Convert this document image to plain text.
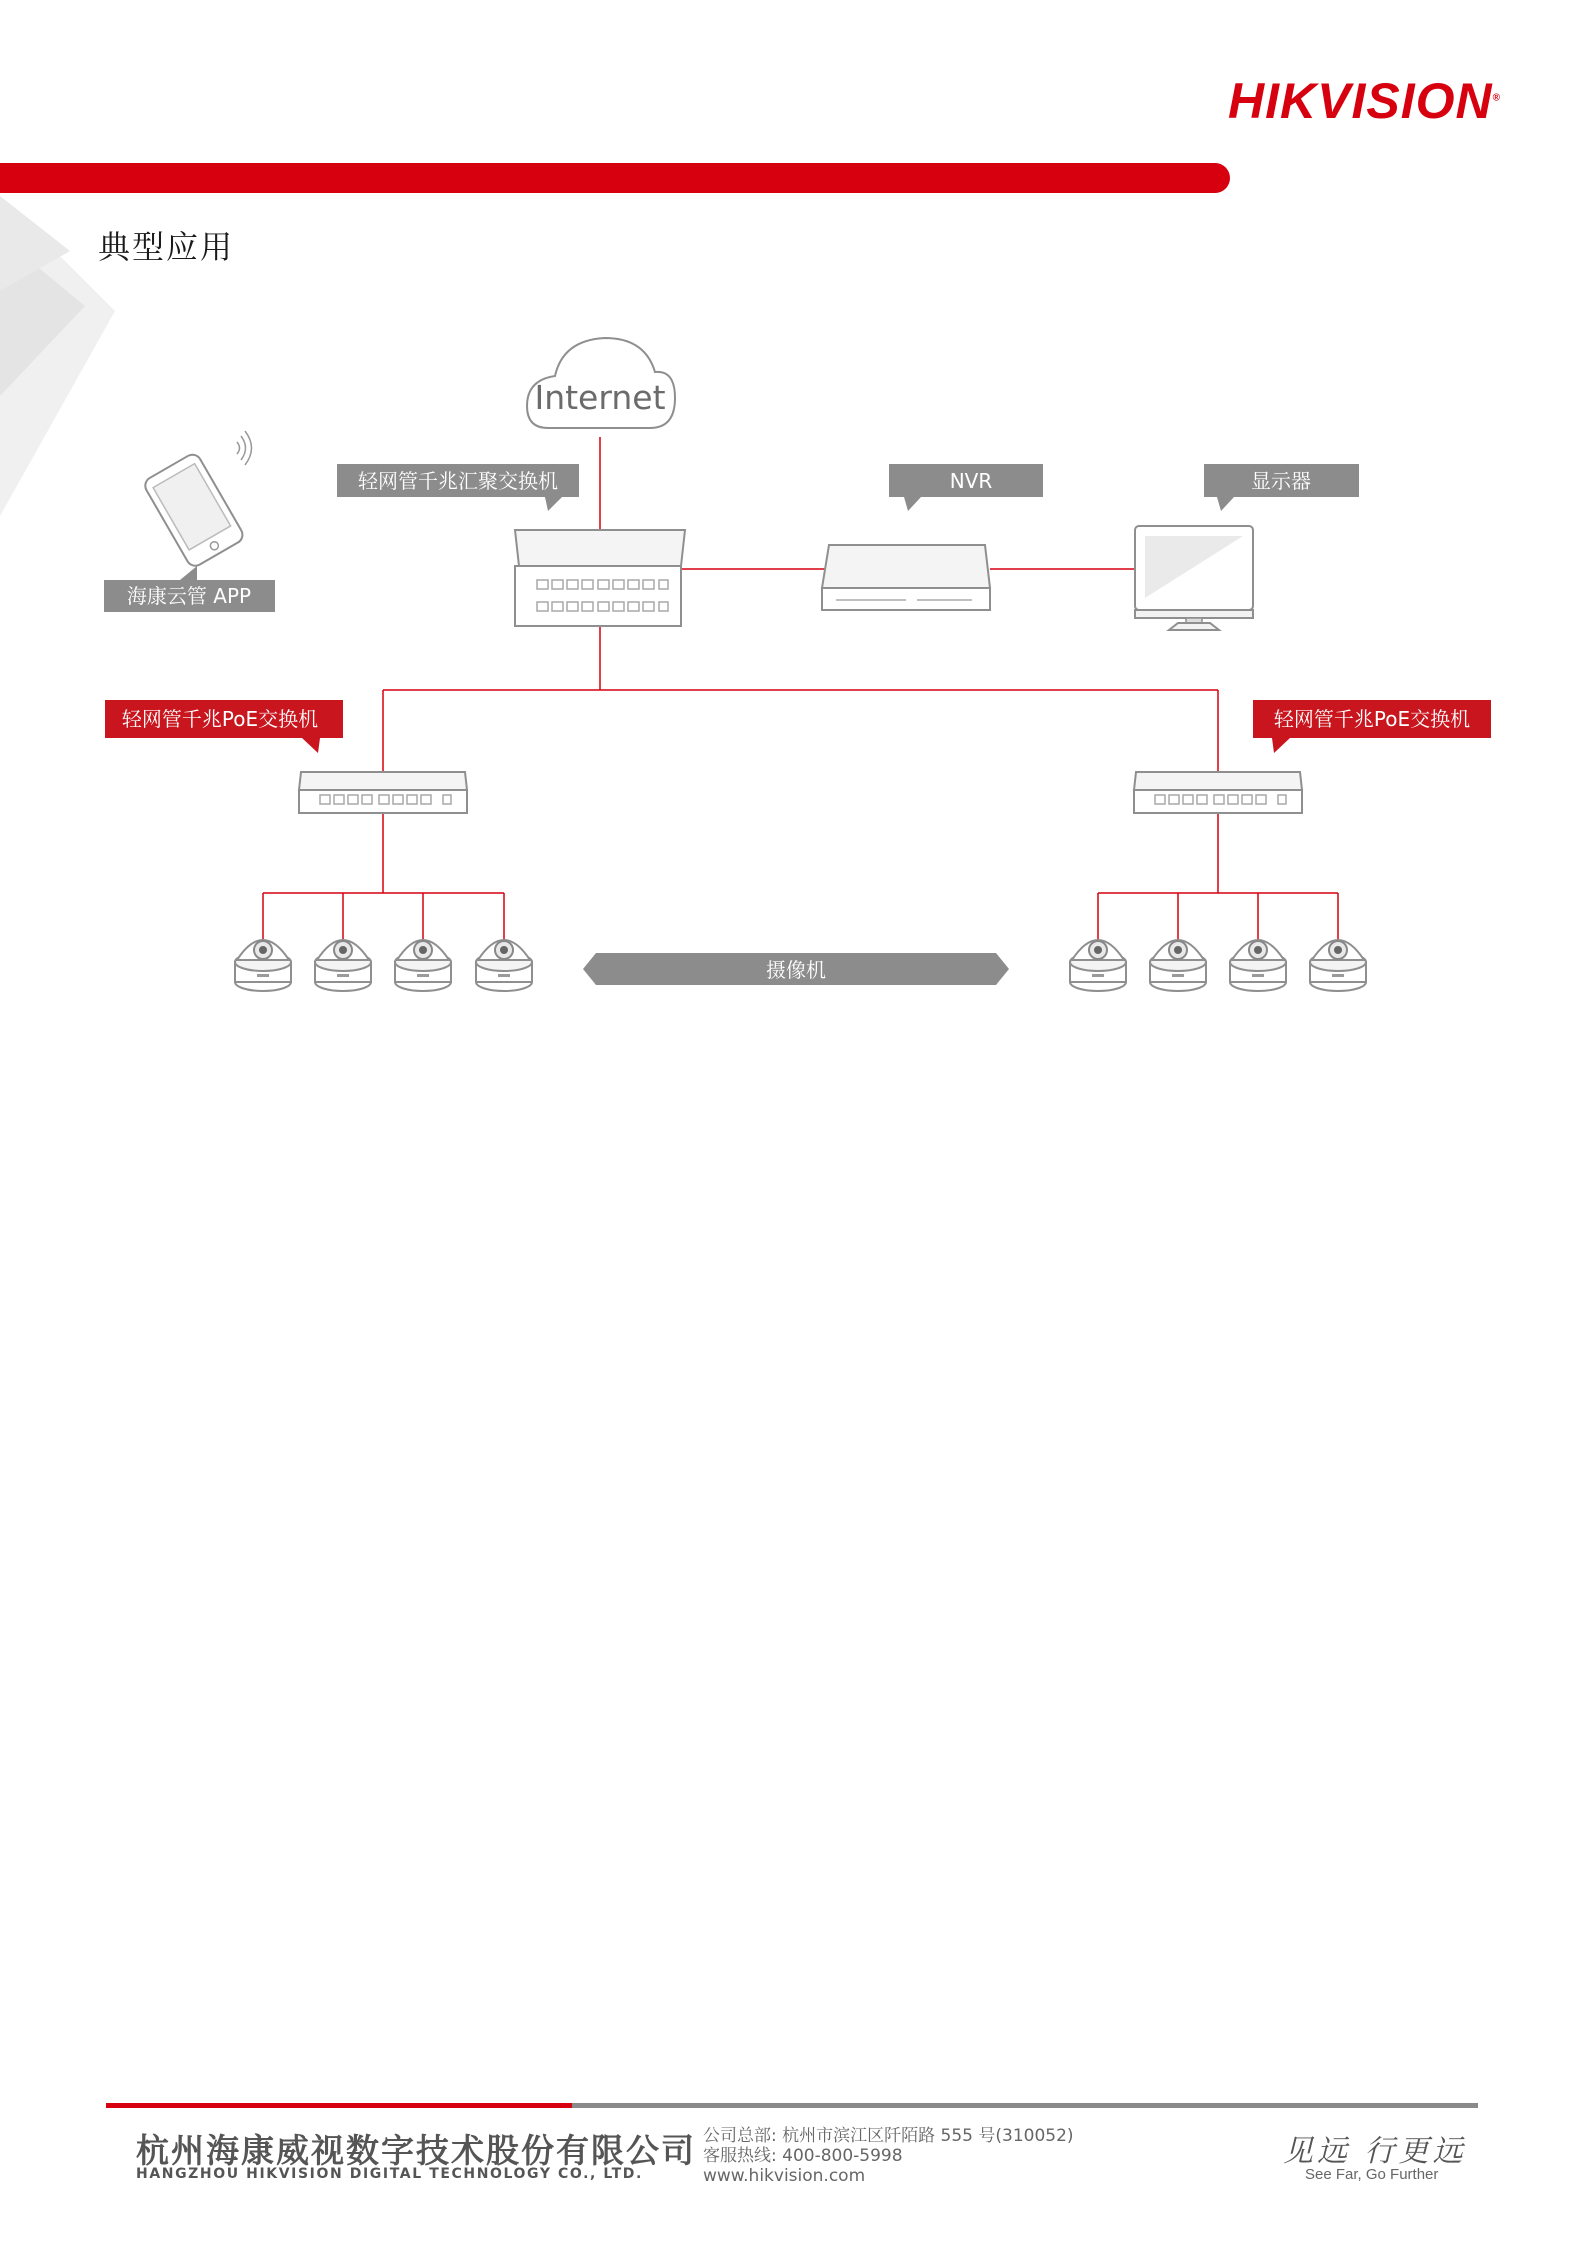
HIKVISION®
典型应用
Internet
轻网管千兆汇聚交换机	NVR	显示器
海康云管 APP
轻网管千兆PoE交换机	轻网管千兆PoE交换机
摄像机
杭州海康威视数字技术股份有限公司
HANGZHOU HIKVISION DIGITAL TECHNOLOGY CO., LTD.
公司总部: 杭州市滨江区阡陌路 555 号(310052)
客服热线: 400-800-5998
www.hikvision.com
见远 行更远
See Far, Go Further
